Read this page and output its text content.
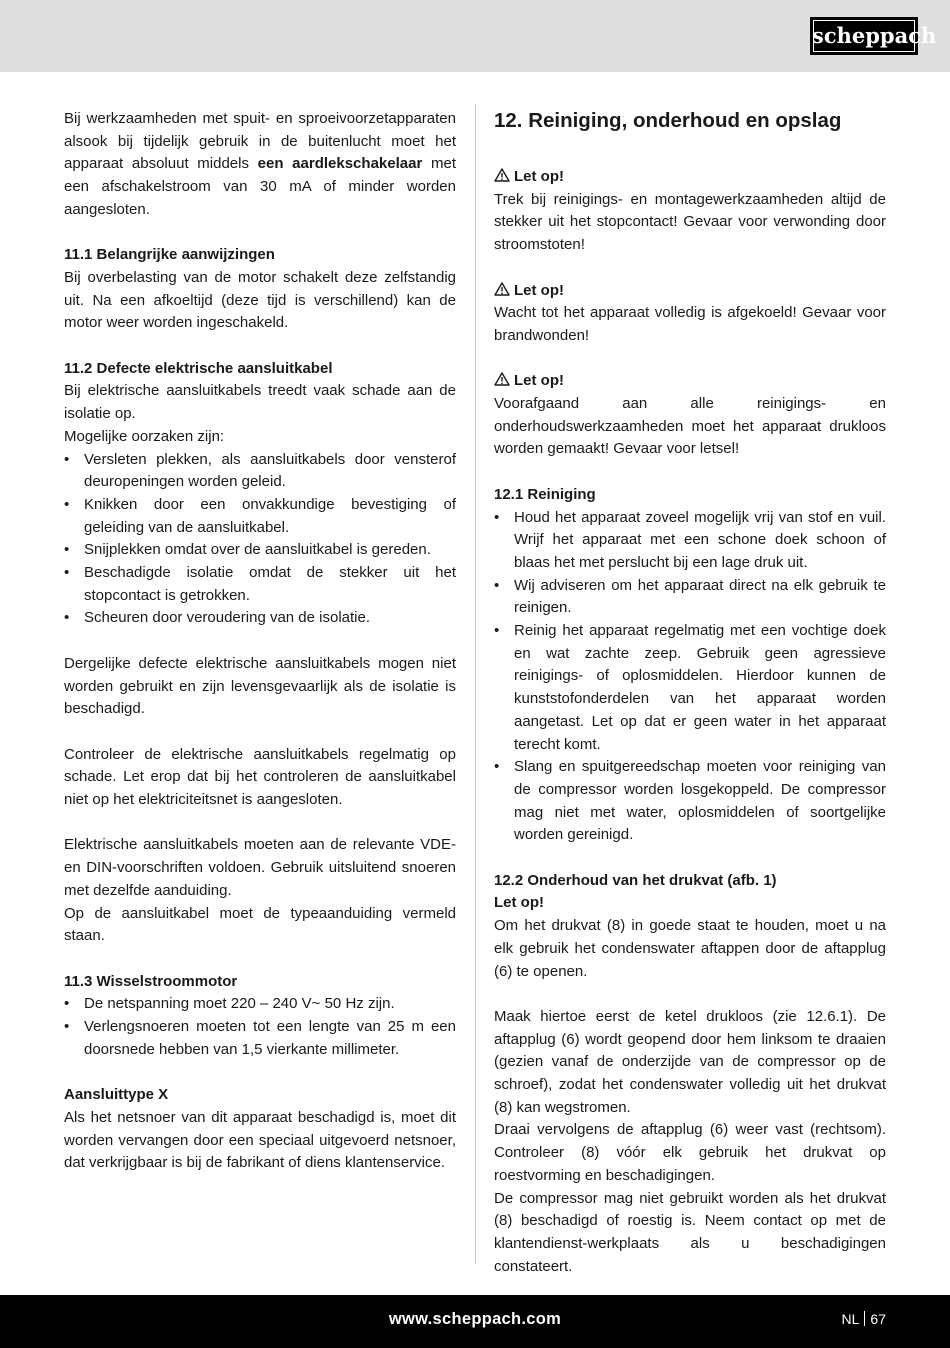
scheppach

Bij werkzaamheden met spuit- en sproeivoorzetapparaten alsook bij tijdelijk gebruik in de buitenlucht moet het apparaat absoluut middels een aardlekschakelaar met een afschakelstroom van 30 mA of minder worden aangesloten.

11.1 Belangrijke aanwijzingen

Bij overbelasting van de motor schakelt deze zelfstandig uit. Na een afkoeltijd (deze tijd is verschillend) kan de motor weer worden ingeschakeld.

11.2 Defecte elektrische aansluitkabel

Bij elektrische aansluitkabels treedt vaak schade aan de isolatie op.

Mogelijke oorzaken zijn:

• Versleten plekken, als aansluitkabels door vensterof deuropeningen worden geleid.
• Knikken door een onvakkundige bevestiging of geleiding van de aansluitkabel.
• Snijplekken omdat over de aansluitkabel is gereden.
• Beschadigde isolatie omdat de stekker uit het stopcontact is getrokken.
• Scheuren door veroudering van de isolatie.

Dergelijke defecte elektrische aansluitkabels mogen niet worden gebruikt en zijn levensgevaarlijk als de isolatie is beschadigd.

Controleer de elektrische aansluitkabels regelmatig op schade. Let erop dat bij het controleren de aansluitkabel niet op het elektriciteitsnet is aangesloten.

Elektrische aansluitkabels moeten aan de relevante VDE- en DIN-voorschriften voldoen. Gebruik uitsluitend snoeren met dezelfde aanduiding.

Op de aansluitkabel moet de typeaanduiding vermeld staan.

11.3 Wisselstroommotor

• De netspanning moet 220 – 240 V~ 50 Hz zijn.
• Verlengsnoeren moeten tot een lengte van 25 m een doorsnede hebben van 1,5 vierkante millimeter.

Aansluittype X

Als het netsnoer van dit apparaat beschadigd is, moet dit worden vervangen door een speciaal uitgevoerd netsnoer, dat verkrijgbaar is bij de fabrikant of diens klantenservice.

12. Reiniging, onderhoud en opslag

Let op!

Trek bij reinigings- en montagewerkzaamheden altijd de stekker uit het stopcontact! Gevaar voor verwonding door stroomstoten!

Let op!

Wacht tot het apparaat volledig is afgekoeld! Gevaar voor brandwonden!

Let op!

Voorafgaand aan alle reinigings- en onderhoudswerkzaamheden moet het apparaat drukloos worden gemaakt! Gevaar voor letsel!

12.1 Reiniging

• Houd het apparaat zoveel mogelijk vrij van stof en vuil. Wrijf het apparaat met een schone doek schoon of blaas het met perslucht bij een lage druk uit.
• Wij adviseren om het apparaat direct na elk gebruik te reinigen.
• Reinig het apparaat regelmatig met een vochtige doek en wat zachte zeep. Gebruik geen agressieve reinigings- of oplosmiddelen. Hierdoor kunnen de kunststofonderdelen van het apparaat worden aangetast. Let op dat er geen water in het apparaat terecht komt.
• Slang en spuitgereedschap moeten voor reiniging van de compressor worden losgekoppeld. De compressor mag niet met water, oplosmiddelen of soortgelijke worden gereinigd.

12.2 Onderhoud van het drukvat (afb. 1)

Let op!

Om het drukvat (8) in goede staat te houden, moet u na elk gebruik het condenswater aftappen door de aftapplug (6) te openen.

Maak hiertoe eerst de ketel drukloos (zie 12.6.1). De aftapplug (6) wordt geopend door hem linksom te draaien (gezien vanaf de onderzijde van de compressor op de schroef), zodat het condenswater volledig uit het drukvat (8) kan wegstromen.

Draai vervolgens de aftapplug (6) weer vast (rechtsom). Controleer (8) vóór elk gebruik het drukvat op roestvorming en beschadigingen.

De compressor mag niet gebruikt worden als het drukvat (8) beschadigd of roestig is. Neem contact op met de klantendienst-werkplaats als u beschadigingen constateert.

www.scheppach.com	NL 67
